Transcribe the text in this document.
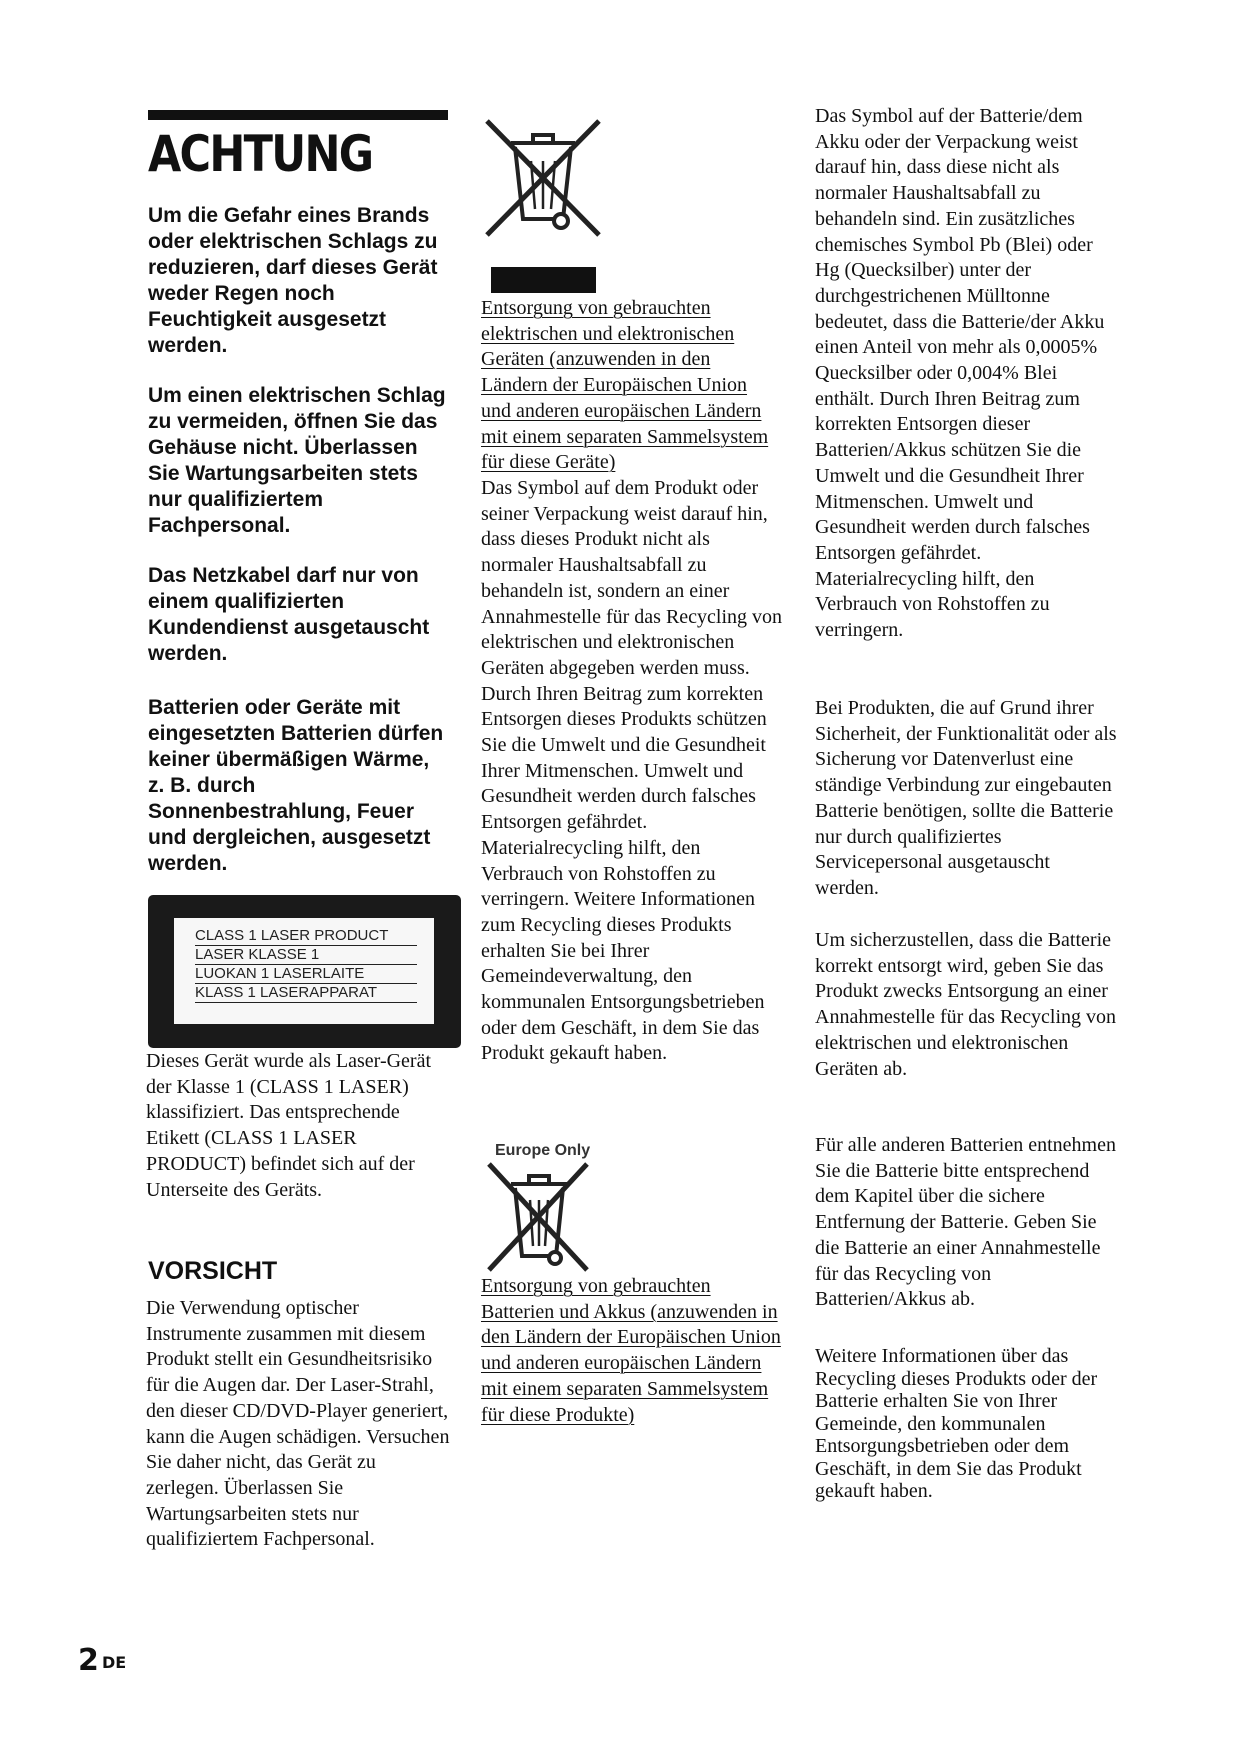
ACHTUNG

Um die Gefahr eines Brands oder elektrischen Schlags zu reduzieren, darf dieses Gerät weder Regen noch Feuchtigkeit ausgesetzt werden.

Um einen elektrischen Schlag zu vermeiden, öffnen Sie das Gehäuse nicht. Überlassen Sie Wartungsarbeiten stets nur qualifiziertem Fachpersonal.

Das Netzkabel darf nur von einem qualifizierten Kundendienst ausgetauscht werden.

Batterien oder Geräte mit eingesetzten Batterien dürfen keiner übermäßigen Wärme, z. B. durch Sonnenbestrahlung, Feuer und dergleichen, ausgesetzt werden.

CLASS 1 LASER PRODUCT
LASER KLASSE 1
LUOKAN 1 LASERLAITE
KLASS 1 LASERAPPARAT

Dieses Gerät wurde als Laser-Gerät der Klasse 1 (CLASS 1 LASER) klassifiziert. Das entsprechende Etikett (CLASS 1 LASER PRODUCT) befindet sich auf der Unterseite des Geräts.

VORSICHT

Die Verwendung optischer Instrumente zusammen mit diesem Produkt stellt ein Gesundheitsrisiko für die Augen dar. Der Laser-Strahl, den dieser CD/DVD-Player generiert, kann die Augen schädigen. Versuchen Sie daher nicht, das Gerät zu zerlegen. Überlassen Sie Wartungsarbeiten stets nur qualifiziertem Fachpersonal.

Entsorgung von gebrauchten elektrischen und elektronischen Geräten (anzuwenden in den Ländern der Europäischen Union und anderen europäischen Ländern mit einem separaten Sammelsystem für diese Geräte)

Das Symbol auf dem Produkt oder seiner Verpackung weist darauf hin, dass dieses Produkt nicht als normaler Haushaltsabfall zu behandeln ist, sondern an einer Annahmestelle für das Recycling von elektrischen und elektronischen Geräten abgegeben werden muss. Durch Ihren Beitrag zum korrekten Entsorgen dieses Produkts schützen Sie die Umwelt und die Gesundheit Ihrer Mitmenschen. Umwelt und Gesundheit werden durch falsches Entsorgen gefährdet. Materialrecycling hilft, den Verbrauch von Rohstoffen zu verringern. Weitere Informationen zum Recycling dieses Produkts erhalten Sie bei Ihrer Gemeindeverwaltung, den kommunalen Entsorgungsbetrieben oder dem Geschäft, in dem Sie das Produkt gekauft haben.

Europe Only

Entsorgung von gebrauchten Batterien und Akkus (anzuwenden in den Ländern der Europäischen Union und anderen europäischen Ländern mit einem separaten Sammelsystem für diese Produkte)

Das Symbol auf der Batterie/dem Akku oder der Verpackung weist darauf hin, dass diese nicht als normaler Haushaltsabfall zu behandeln sind. Ein zusätzliches chemisches Symbol Pb (Blei) oder Hg (Quecksilber) unter der durchgestrichenen Mülltonne bedeutet, dass die Batterie/der Akku einen Anteil von mehr als 0,0005% Quecksilber oder 0,004% Blei enthält. Durch Ihren Beitrag zum korrekten Entsorgen dieser Batterien/Akkus schützen Sie die Umwelt und die Gesundheit Ihrer Mitmenschen. Umwelt und Gesundheit werden durch falsches Entsorgen gefährdet. Materialrecycling hilft, den Verbrauch von Rohstoffen zu verringern.

Bei Produkten, die auf Grund ihrer Sicherheit, der Funktionalität oder als Sicherung vor Datenverlust eine ständige Verbindung zur eingebauten Batterie benötigen, sollte die Batterie nur durch qualifiziertes Servicepersonal ausgetauscht werden.

Um sicherzustellen, dass die Batterie korrekt entsorgt wird, geben Sie das Produkt zwecks Entsorgung an einer Annahmestelle für das Recycling von elektrischen und elektronischen Geräten ab.

Für alle anderen Batterien entnehmen Sie die Batterie bitte entsprechend dem Kapitel über die sichere Entfernung der Batterie. Geben Sie die Batterie an einer Annahmestelle für das Recycling von Batterien/Akkus ab.

Weitere Informationen über das Recycling dieses Produkts oder der Batterie erhalten Sie von Ihrer Gemeinde, den kommunalen Entsorgungsbetrieben oder dem Geschäft, in dem Sie das Produkt gekauft haben.

2 DE
